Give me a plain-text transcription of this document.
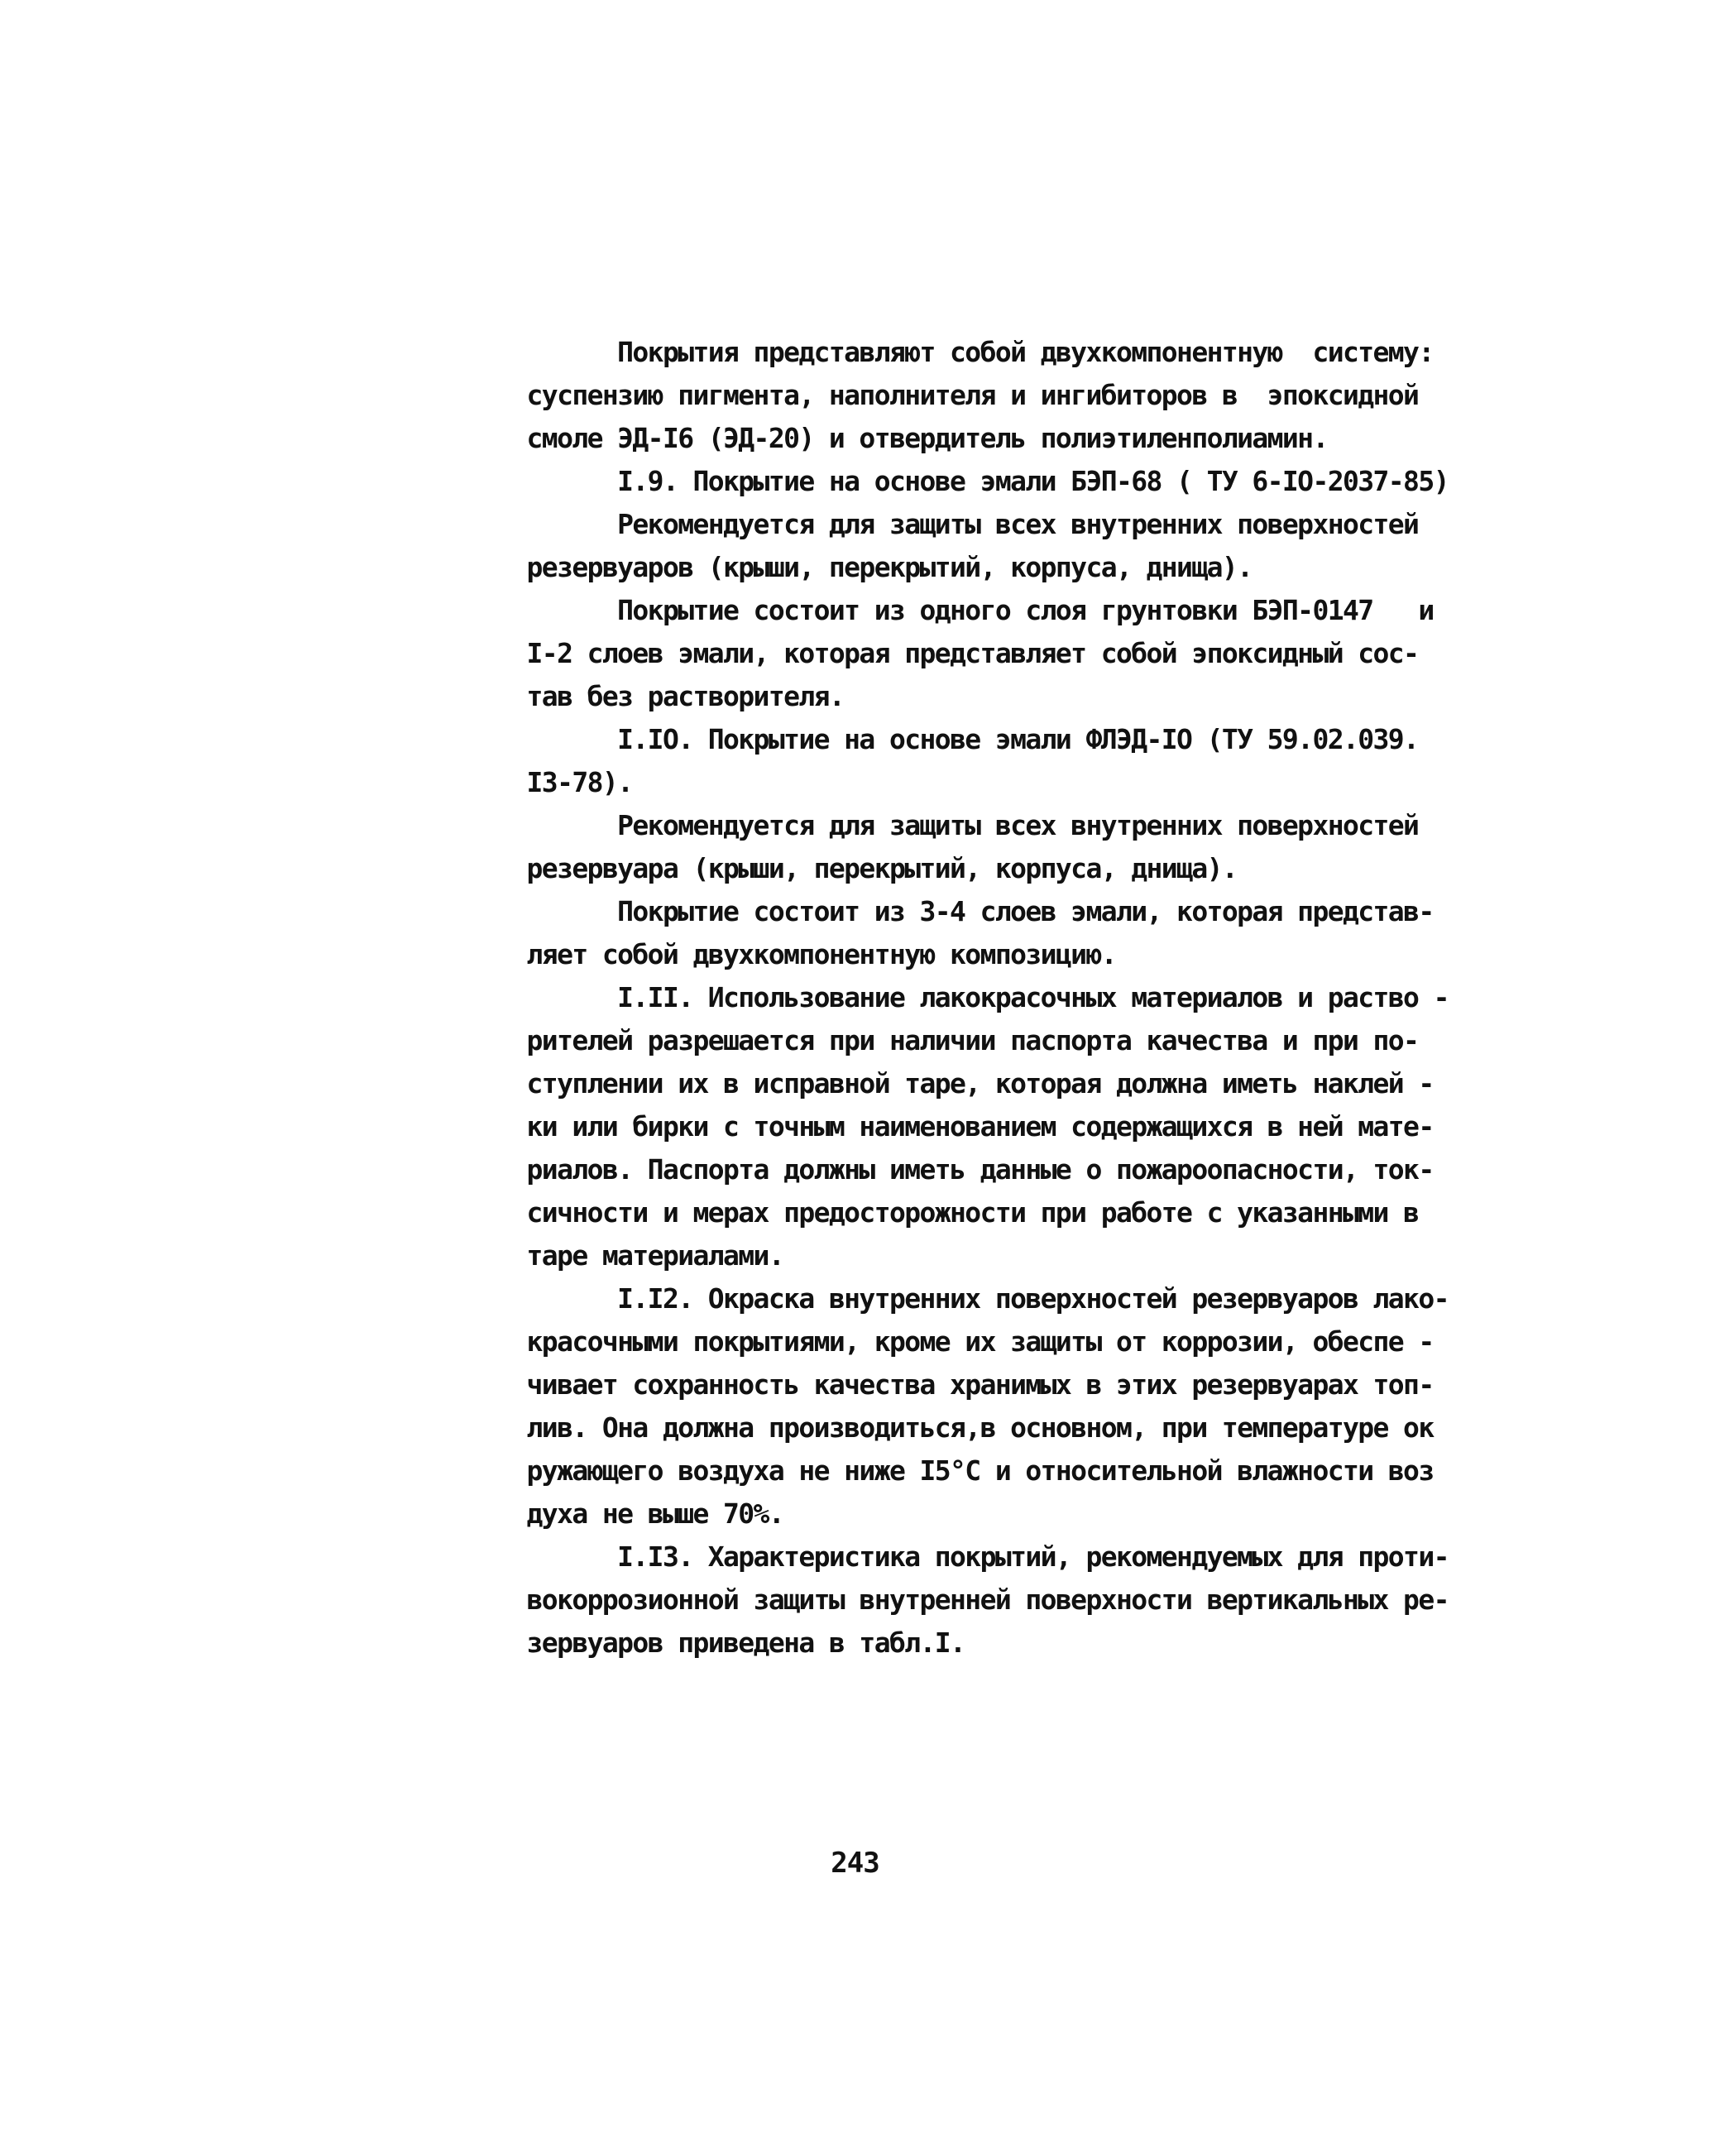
Покрытия представляют собой двухкомпонентную  систему:
суспензию пигмента, наполнителя и ингибиторов в  эпоксидной
смоле ЭД-I6 (ЭД-20) и отвердитель полиэтиленполиамин.
I.9. Покрытие на основе эмали БЭП-68 ( ТУ 6-IO-2037-85)
Рекомендуется для защиты всех внутренних поверхностей
резервуаров (крыши, перекрытий, корпуса, днища).
Покрытие состоит из одного слоя грунтовки БЭП-0147   и
I-2 слоев эмали, которая представляет собой эпоксидный сос-
тав без растворителя.
I.IO. Покрытие на основе эмали ФЛЭД-IO (ТУ 59.02.039.
I3-78).
Рекомендуется для защиты всех внутренних поверхностей
резервуара (крыши, перекрытий, корпуса, днища).
Покрытие состоит из 3-4 слоев эмали, которая представ-
ляет собой двухкомпонентную композицию.
I.II. Использование лакокрасочных материалов и раство -
рителей разрешается при наличии паспорта качества и при по-
ступлении их в исправной таре, которая должна иметь наклей -
ки или бирки с точным наименованием содержащихся в ней мате-
риалов. Паспорта должны иметь данные о пожароопасности, ток-
сичности и мерах предосторожности при работе с указанными в
таре материалами.
I.I2. Окраска внутренних поверхностей резервуаров лако-
красочными покрытиями, кроме их защиты от коррозии, обеспе -
чивает сохранность качества хранимых в этих резервуарах топ-
лив. Она должна производиться,в основном, при температуре ок
ружающего воздуха не ниже I5°С и относительной влажности воз
духа не выше 70%.
I.I3. Характеристика покрытий, рекомендуемых для проти-
вокоррозионной защиты внутренней поверхности вертикальных ре-
зервуаров приведена в табл.I.
243
